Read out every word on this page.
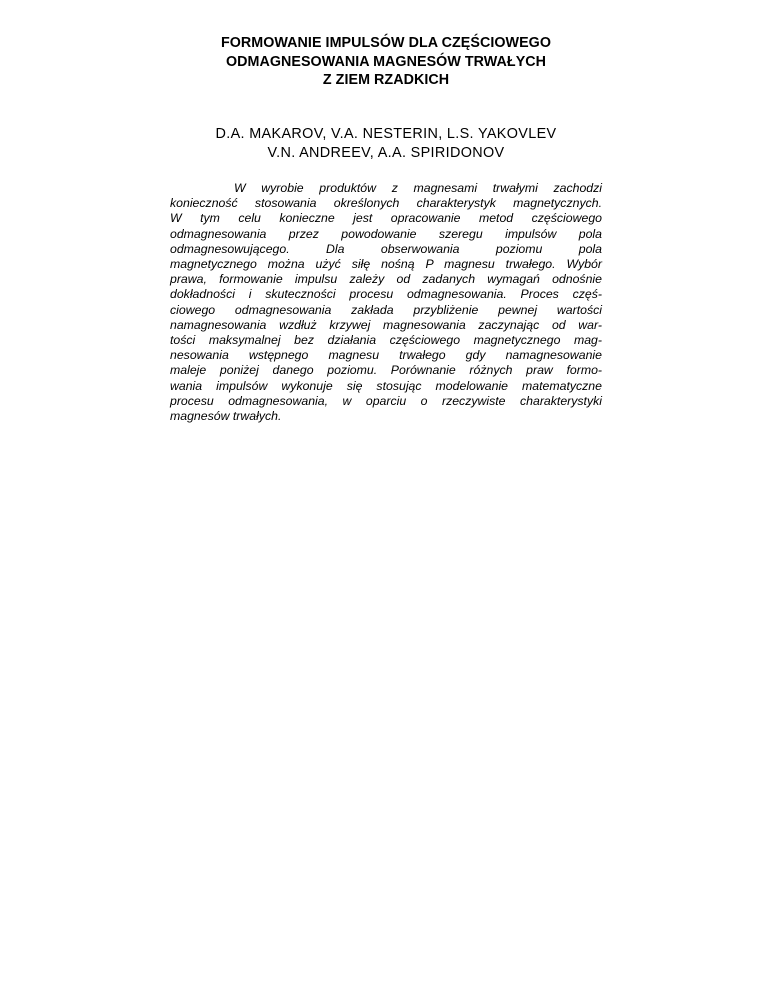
FORMOWANIE IMPULSÓW DLA CZĘŚCIOWEGO
ODMAGNESOWANIA MAGNESÓW TRWAŁYCH
Z ZIEM RZADKICH
D.A. MAKAROV, V.A. NESTERIN, L.S. YAKOVLEV
V.N. ANDREEV, A.A. SPIRIDONOV
W wyrobie produktów z magnesami trwałymi zachodzi
konieczność stosowania określonych charakterystyk magnetycznych.
W tym celu konieczne jest opracowanie metod częściowego
odmagnesowania przez powodowanie szeregu impulsów pola
odmagnesowującego. Dla obserwowania poziomu pola
magnetycznego można użyć siłę nośną P magnesu trwałego. Wybór
prawa, formowanie impulsu zależy od zadanych wymagań odnośnie
dokładności i skuteczności procesu odmagnesowania. Proces częś-
ciowego odmagnesowania zakłada przybliżenie pewnej wartości
namagnesowania wzdłuż krzywej magnesowania zaczynając od war-
tości maksymalnej bez działania częściowego magnetycznego mag-
nesowania wstępnego magnesu trwałego gdy namagnesowanie
maleje poniżej danego poziomu. Porównanie różnych praw formo-
wania impulsów wykonuje się stosując modelowanie matematyczne
procesu odmagnesowania, w oparciu o rzeczywiste charakterystyki
magnesów trwałych.
